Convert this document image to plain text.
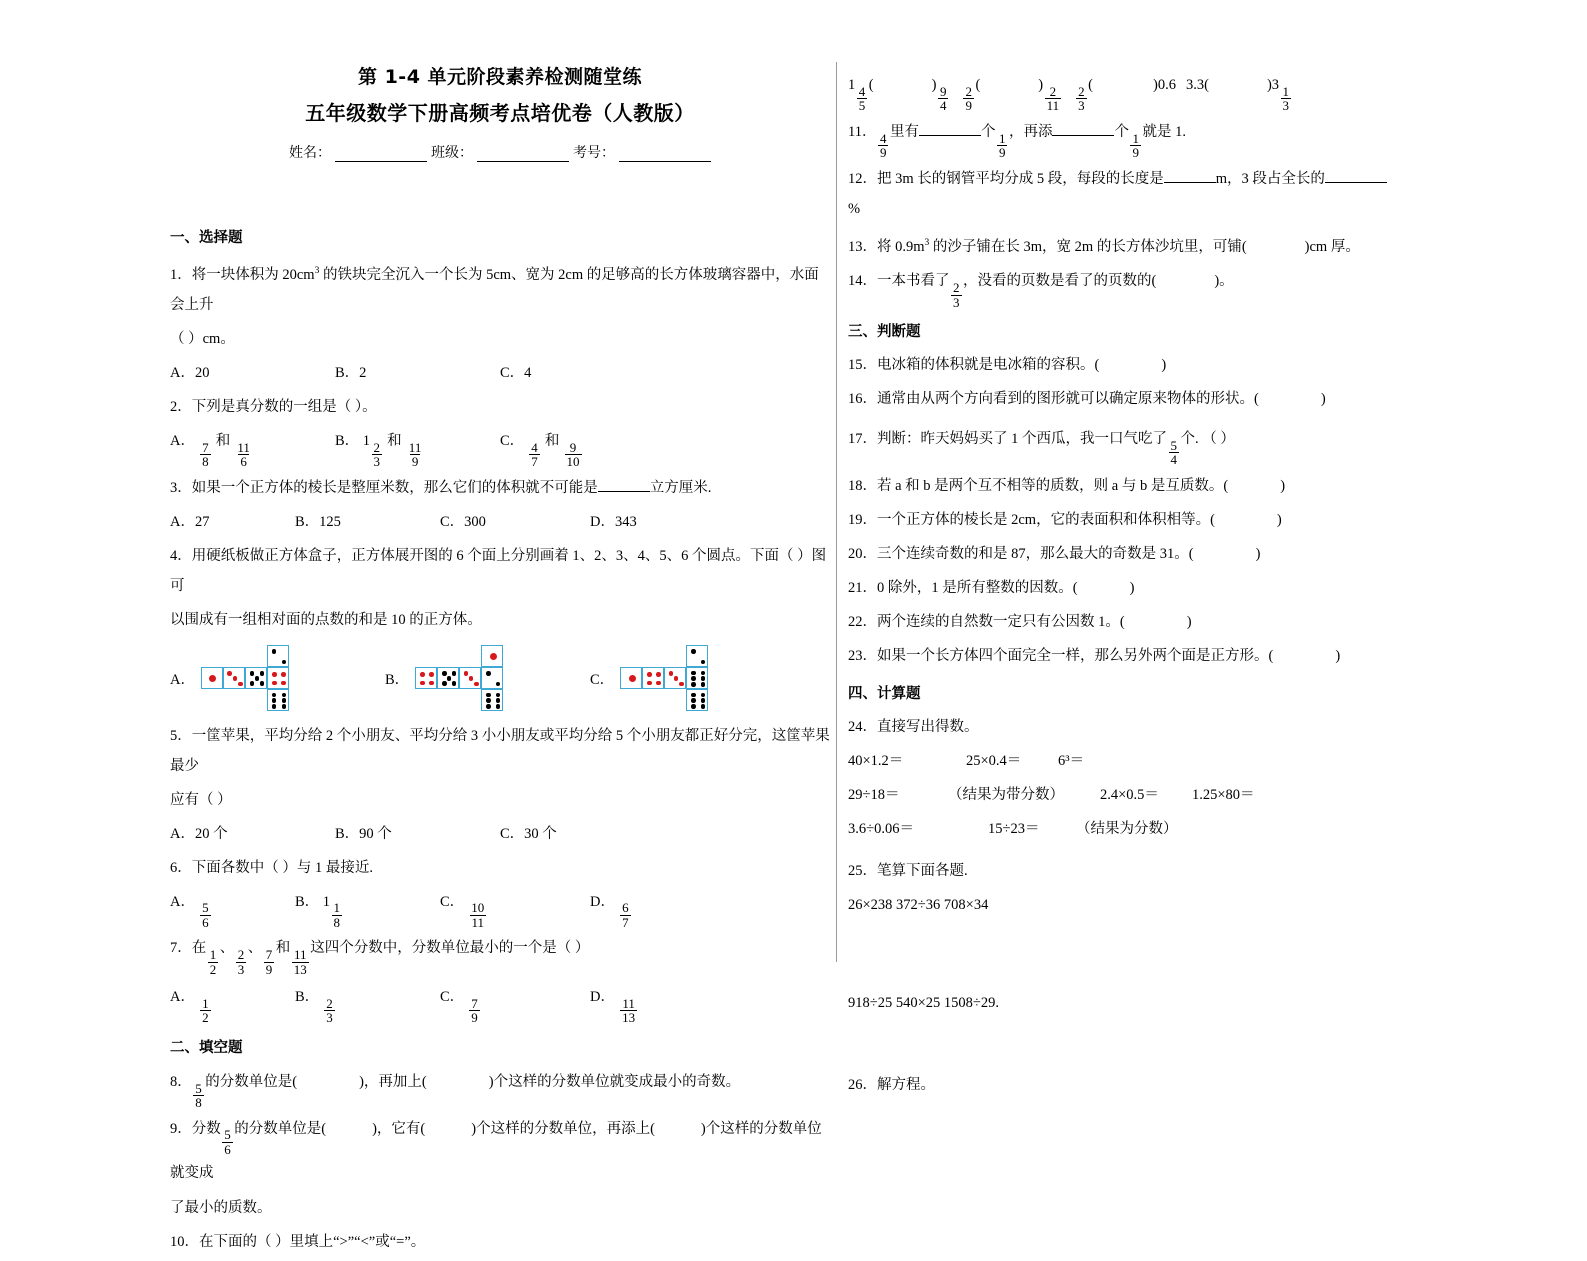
第 1-4 单元阶段素养检测随堂练
五年级数学下册高频考点培优卷（人教版）
姓名：	班级：	考号：
一、选择题
1．将一块体积为 $20cm^3$ 的铁块完全沉入一个长为 5cm、宽为 2cm 的足够高的长方体玻璃容器中，水面会上升
（ ）cm。
A．20	B．2	C．4
2．下列是真分数的一组是（ ）。
A． $\frac{7}{8}$ 和 $\frac{11}{6}$	B． $1 \frac{2}{3}$ 和 $\frac{11}{9}$	C． $\frac{4}{7}$ 和 $\frac{9}{10}$
3．如果一个正方体的棱长是整厘米数，那么它们的体积就不可能是	立方厘米.
A．27	B．125	C．300	D．343
4．用硬纸板做正方体盒子，正方体展开图的 6 个面上分别画着 1、2、3、4、5、6 个圆点。下面（ ）图可
以围成有一组相对面的点数的和是 10 的正方体。
A．	B．	C．
5．一筐苹果，平均分给 2 个小朋友、平均分给 3 小小朋友或平均分给 5 个小朋友都正好分完，这筐苹果最少
应有（ ）
A．20 个	B．90 个	C．30 个
6．下面各数中（ ）与 1 最接近.
A． $\frac{5}{6}$	B． $1 \frac{1}{8}$	C． $\frac{10}{11}$	D． $\frac{6}{7}$
7．在 $\frac{1}{2}$ 、 $\frac{2}{3}$ 、 $\frac{7}{9}$ 和 $\frac{11}{13}$ 这四个分数中，分数单位最小的一个是（ ）
A． $\frac{1}{2}$	B． $\frac{2}{3}$	C． $\frac{7}{9}$	D． $\frac{11}{13}$
二、填空题
8． $\frac{5}{8}$ 的分数单位是(	)，再加上(	)个这样的分数单位就变成最小的奇数。
9．分数 $\frac{5}{6}$ 的分数单位是(	)，它有(	)个这样的分数单位，再添上(	)个这样的分数单位就变成
了最小的质数。
10．在下面的（ ）里填上“>”“<”或“=”。
$1 \frac{4}{5}$ (	) $\frac{9}{4} \frac{2}{9}$ (	) $\frac{2}{11} \frac{2}{3}$ (	)0.6 3.3(	)$3 \frac{1}{3}$
11． $\frac{4}{9}$ 里有	个 $\frac{1}{9}$ ，再添	个 $\frac{1}{9}$ 就是 1.
12．把 3m 长的钢管平均分成 5 段，每段的长度是	m，3 段占全长的%
13．将 $0.9m^3$ 的沙子铺在长 3m，宽 2m 的长方体沙坑里，可铺(	)cm 厚。
14．一本书看了 $\frac{2}{3}$ ，没看的页数是看了的页数的(	)。
三、判断题
15．电冰箱的体积就是电冰箱的容积。(	)
16．通常由从两个方向看到的图形就可以确定原来物体的形状。(	)
17．判断：昨天妈妈买了 1 个西瓜，我一口气吃了 $\frac{5}{4}$ 个. （ ）
18．若 a 和 b 是两个互不相等的质数，则 a 与 b 是互质数。(	)
19．一个正方体的棱长是 2cm，它的表面积和体积相等。(	)
20．三个连续奇数的和是 87，那么最大的奇数是 31。(	)
21．0 除外，1 是所有整数的因数。(	)
22．两个连续的自然数一定只有公因数 1。(	)
23．如果一个长方体四个面完全一样，那么另外两个面是正方形。(	)
四、计算题
24．直接写出得数。
40×1.2＝	25×0.4＝	6³＝
29÷18＝	（结果为带分数） 2.4×0.5＝ 1.25×80＝
3.6÷0.06＝	15÷23＝	（结果为分数）
25．笔算下面各题.
26×238 372÷36 708×34
918÷25 540×25 1508÷29.
26．解方程。
